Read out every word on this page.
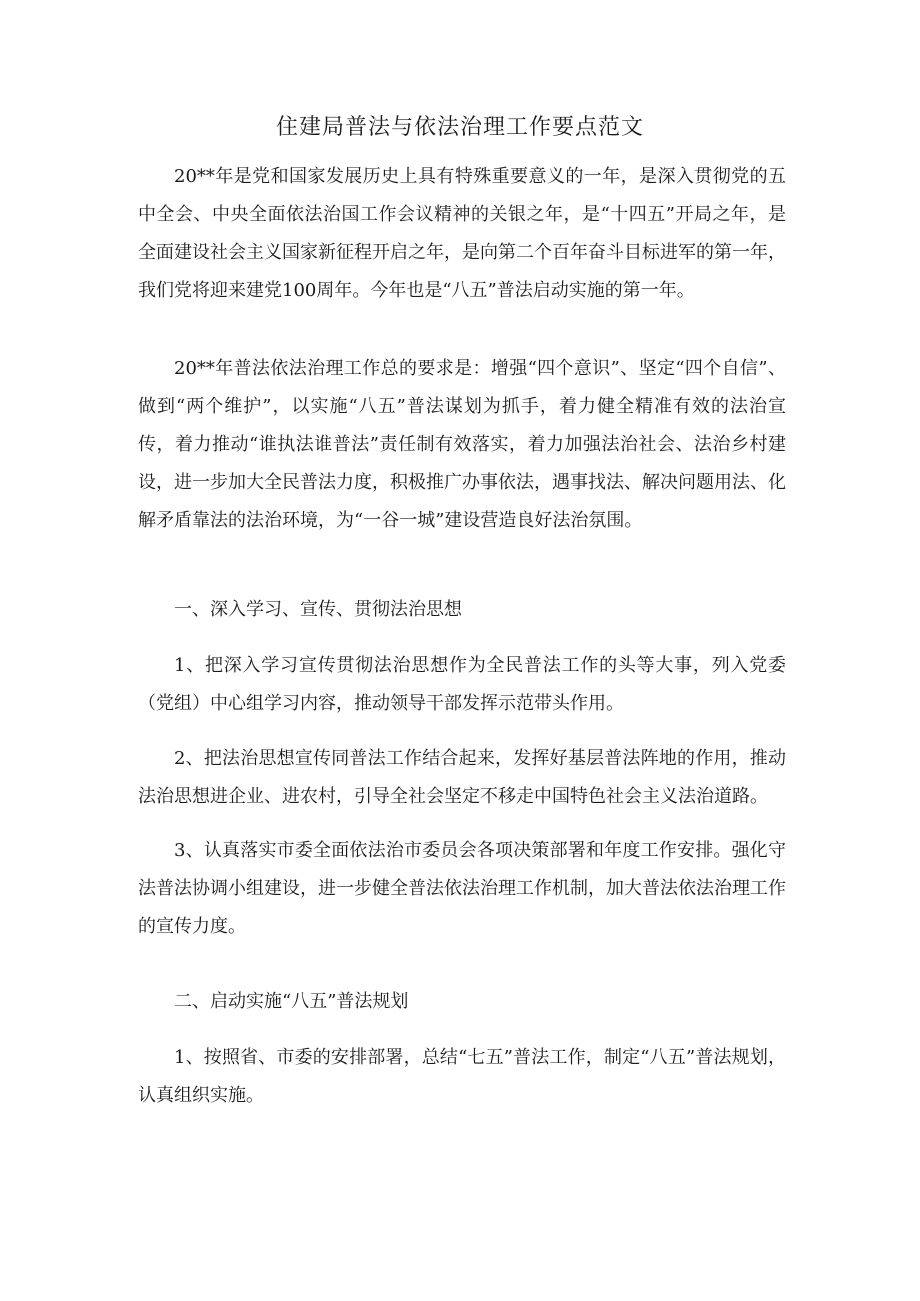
住建局普法与依法治理工作要点范文

20**年是党和国家发展历史上具有特殊重要意义的一年，是深入贯彻党的五中全会、中央全面依法治国工作会议精神的关银之年，是“十四五”开局之年，是全面建设社会主义国家新征程开启之年，是向第二个百年奋斗目标进军的第一年，我们党将迎来建党100周年。今年也是“八五”普法启动实施的第一年。

20**年普法依法治理工作总的要求是：增强“四个意识”、坚定“四个自信”、做到“两个维护”，以实施“八五”普法谋划为抓手，着力健全精准有效的法治宣传，着力推动“谁执法谁普法”责任制有效落实，着力加强法治社会、法治乡村建设，进一步加大全民普法力度，积极推广办事依法，遇事找法、解决问题用法、化解矛盾靠法的法治环境，为“一谷一城”建设营造良好法治氛围。

一、深入学习、宣传、贯彻法治思想

1、把深入学习宣传贯彻法治思想作为全民普法工作的头等大事，列入党委（党组）中心组学习内容，推动领导干部发挥示范带头作用。

2、把法治思想宣传同普法工作结合起来，发挥好基层普法阵地的作用，推动法治思想进企业、进农村，引导全社会坚定不移走中国特色社会主义法治道路。

3、认真落实市委全面依法治市委员会各项决策部署和年度工作安排。强化守法普法协调小组建设，进一步健全普法依法治理工作机制，加大普法依法治理工作的宣传力度。

二、启动实施“八五”普法规划

1、按照省、市委的安排部署，总结“七五”普法工作，制定“八五”普法规划，认真组织实施。
